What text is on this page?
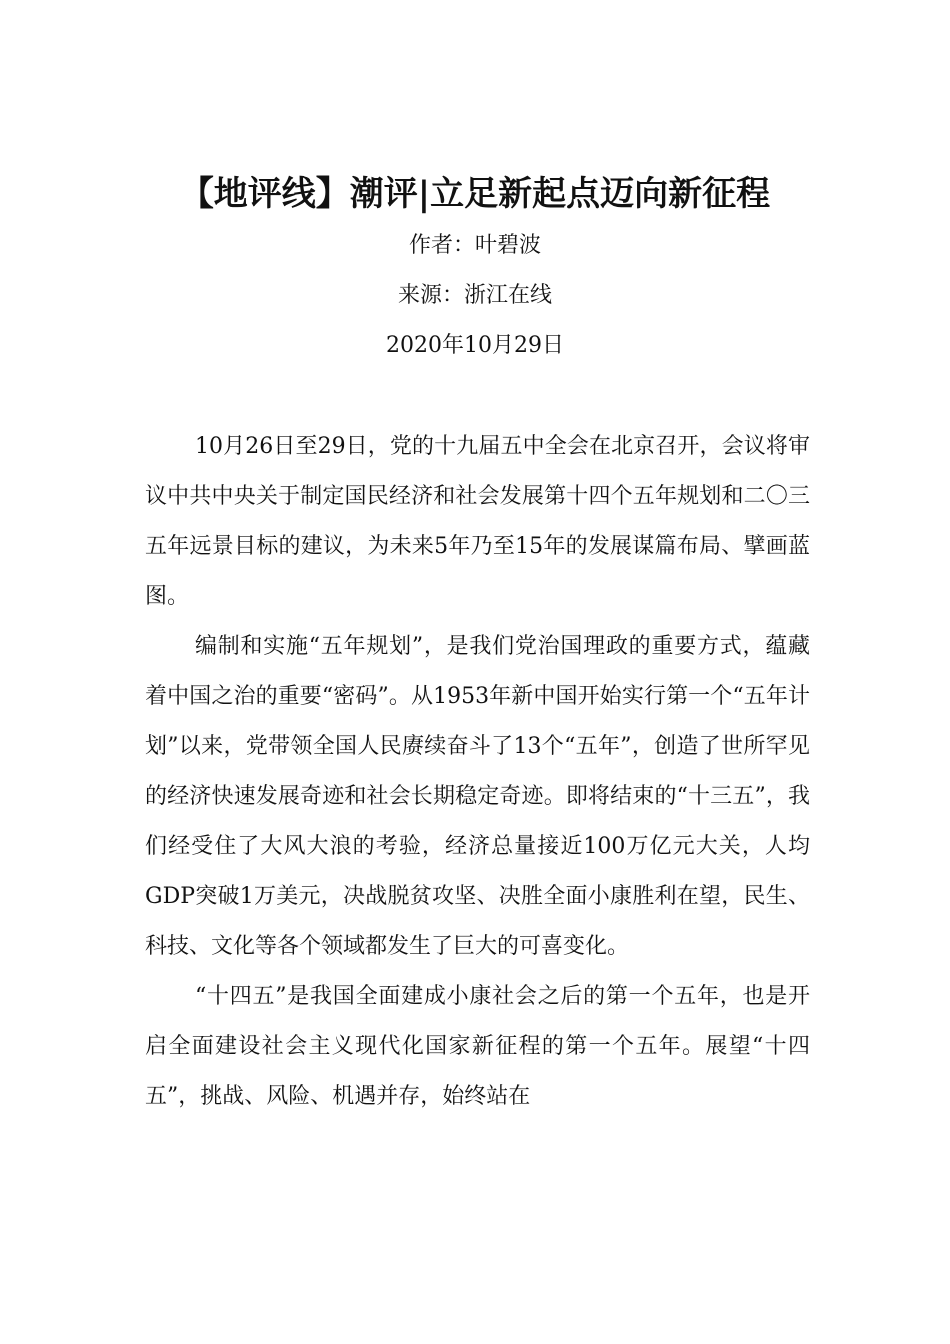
【地评线】潮评|立足新起点迈向新征程
作者：叶碧波
来源：浙江在线
2020年10月29日

10月26日至29日，党的十九届五中全会在北京召开，会议将审议中共中央关于制定国民经济和社会发展第十四个五年规划和二〇三五年远景目标的建议，为未来5年乃至15年的发展谋篇布局、擘画蓝图。

编制和实施“五年规划”，是我们党治国理政的重要方式，蕴藏着中国之治的重要“密码”。从1953年新中国开始实行第一个“五年计划”以来，党带领全国人民赓续奋斗了13个“五年”，创造了世所罕见的经济快速发展奇迹和社会长期稳定奇迹。即将结束的“十三五”，我们经受住了大风大浪的考验，经济总量接近100万亿元大关，人均GDP突破1万美元，决战脱贫攻坚、决胜全面小康胜利在望，民生、科技、文化等各个领域都发生了巨大的可喜变化。

“十四五”是我国全面建成小康社会之后的第一个五年，也是开启全面建设社会主义现代化国家新征程的第一个五年。展望“十四五”，挑战、风险、机遇并存，始终站在
